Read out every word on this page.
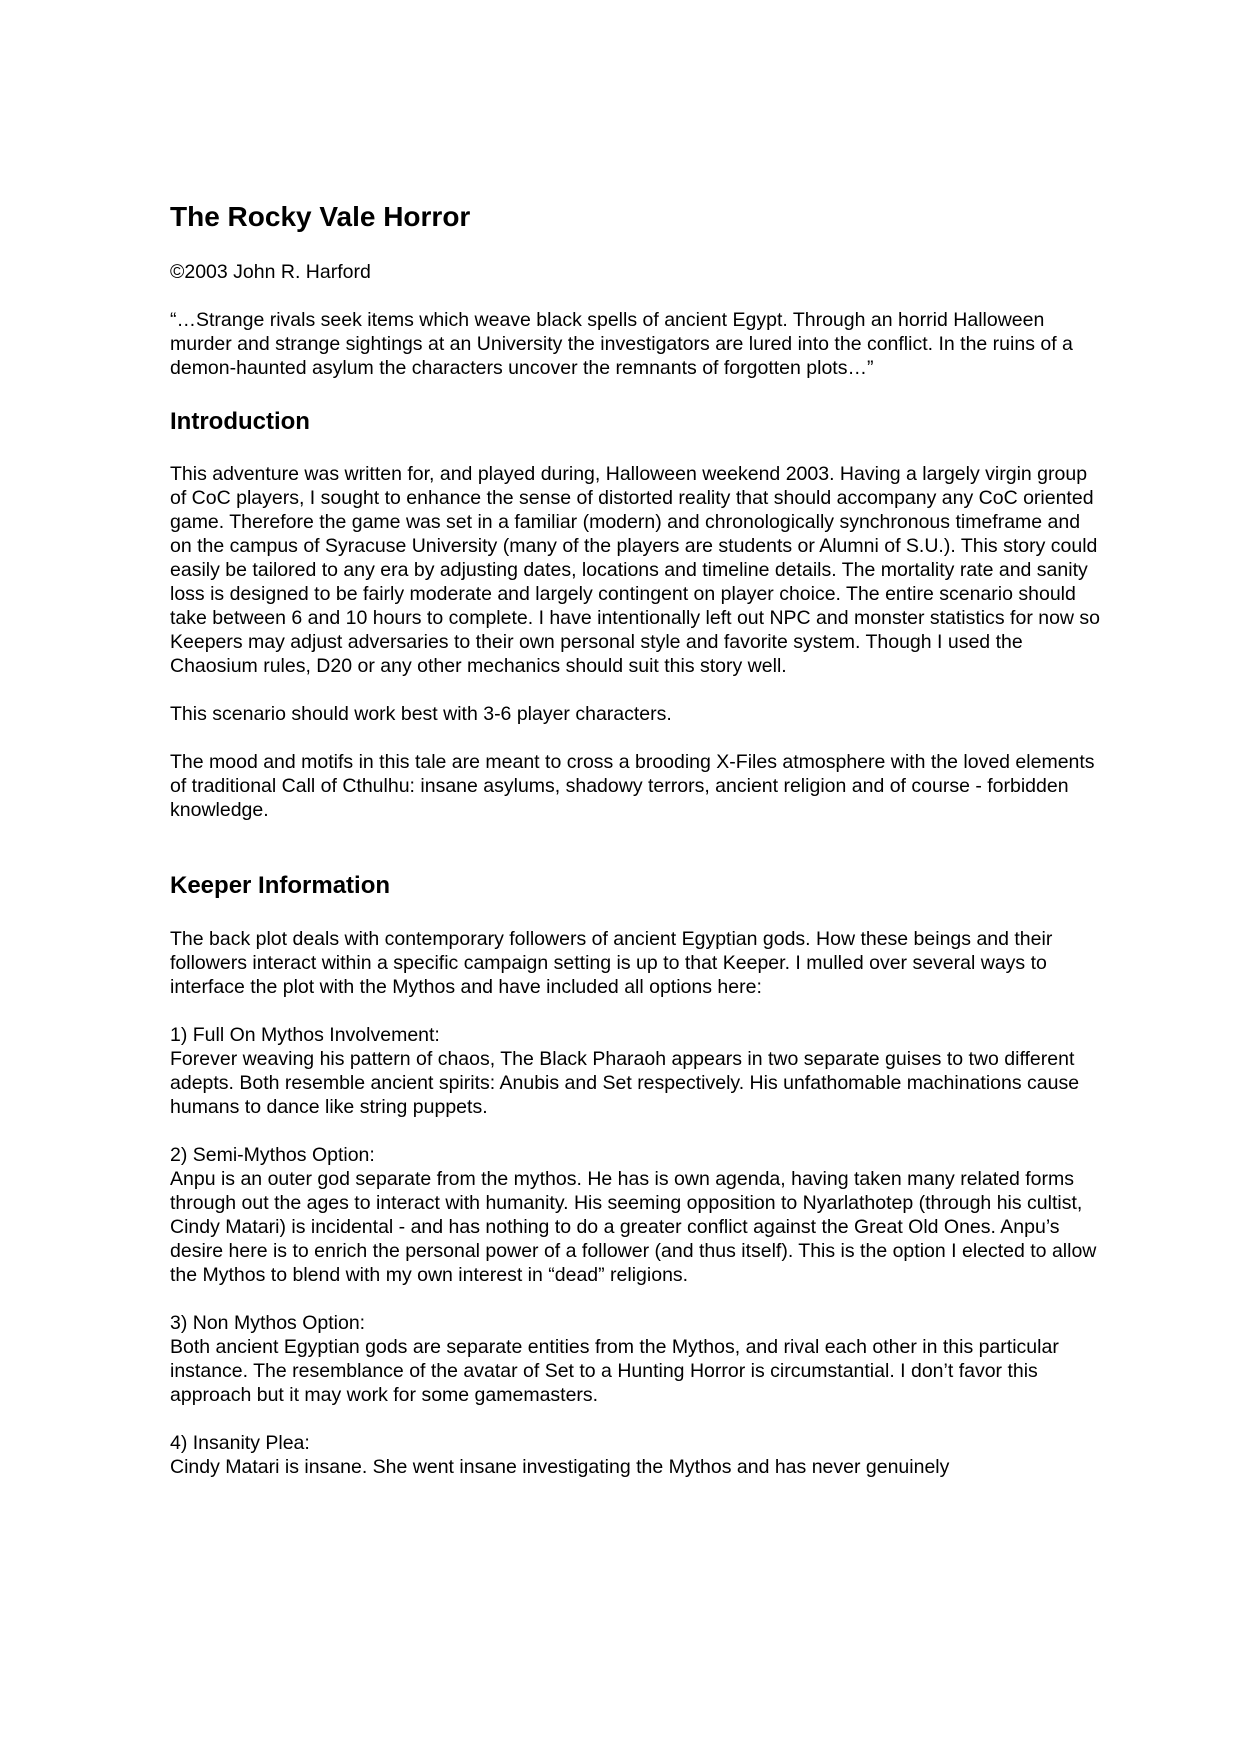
The Rocky Vale Horror

©2003 John R. Harford

“…Strange rivals seek items which weave black spells of ancient Egypt. Through an horrid Halloween murder and strange sightings at an University the investigators are lured into the conflict. In the ruins of a demon-haunted asylum the characters uncover the remnants of forgotten plots…”

Introduction

This adventure was written for, and played during, Halloween weekend 2003. Having a largely virgin group of CoC players, I sought to enhance the sense of distorted reality that should accompany any CoC oriented game. Therefore the game was set in a familiar (modern) and chronologically synchronous timeframe and on the campus of Syracuse University (many of the players are students or Alumni of S.U.). This story could easily be tailored to any era by adjusting dates, locations and timeline details. The mortality rate and sanity loss is designed to be fairly moderate and largely contingent on player choice. The entire scenario should take between 6 and 10 hours to complete. I have intentionally left out NPC and monster statistics for now so Keepers may adjust adversaries to their own personal style and favorite system. Though I used the Chaosium rules, D20 or any other mechanics should suit this story well.

This scenario should work best with 3-6 player characters.

The mood and motifs in this tale are meant to cross a brooding X-Files atmosphere with the loved elements of traditional Call of Cthulhu: insane asylums, shadowy terrors, ancient religion and of course - forbidden knowledge.

Keeper Information

The back plot deals with contemporary followers of ancient Egyptian gods. How these beings and their followers interact within a specific campaign setting is up to that Keeper. I mulled over several ways to interface the plot with the Mythos and have included all options here:

1) Full On Mythos Involvement:

Forever weaving his pattern of chaos, The Black Pharaoh appears in two separate guises to two different adepts. Both resemble ancient spirits: Anubis and Set respectively. His unfathomable machinations cause humans to dance like string puppets.

2) Semi-Mythos Option:

Anpu is an outer god separate from the mythos. He has is own agenda, having taken many related forms through out the ages to interact with humanity. His seeming opposition to Nyarlathotep (through his cultist, Cindy Matari) is incidental - and has nothing to do a greater conflict against the Great Old Ones. Anpu’s desire here is to enrich the personal power of a follower (and thus itself). This is the option I elected to allow the Mythos to blend with my own interest in “dead” religions.

3) Non Mythos Option:

Both ancient Egyptian gods are separate entities from the Mythos, and rival each other in this particular instance. The resemblance of the avatar of Set to a Hunting Horror is circumstantial. I don’t favor this approach but it may work for some gamemasters.

4) Insanity Plea:

Cindy Matari is insane. She went insane investigating the Mythos and has never genuinely
